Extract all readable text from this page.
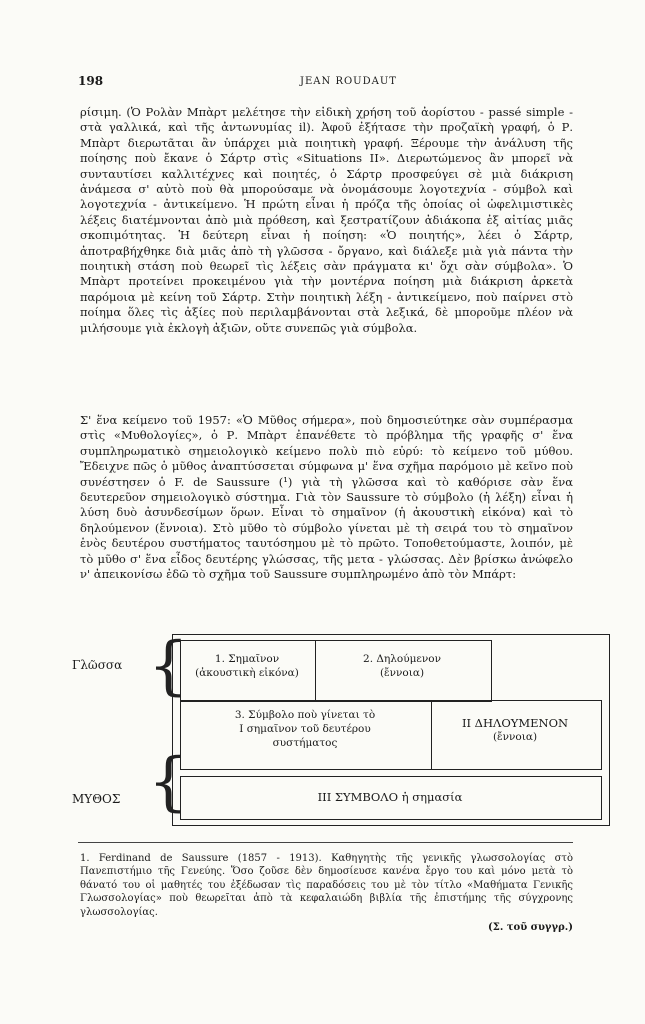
198	JEAN ROUDAUT

ρίσιμη. (Ὁ Ρολὰν Μπὰρτ μελέτησε τὴν εἰδικὴ χρήση τοῦ ἀορίστου - passé simple - στὰ γαλλικά, καὶ τῆς ἀντωνυμίας il). Ἀφοῦ ἐξήτασε τὴν προζαϊκὴ γραφή, ὁ Ρ. Μπὰρτ διερωτᾶται ἂν ὑπάρχει μιὰ ποιητικὴ γραφή. Ξέρουμε τὴν ἀνάλυση τῆς ποίησης ποὺ ἔκανε ὁ Σάρτρ στὶς «Situations II». Διερωτώμενος ἂν μπορεῖ νὰ συνταυτίσει καλλιτέχνες καὶ ποιητές, ὁ Σάρτρ προσφεύγει σὲ μιὰ διάκριση ἀνάμεσα σ' αὐτὸ ποὺ θὰ μπορούσαμε νὰ ὀνομάσουμε λογοτεχνία - σύμβολ καὶ λογοτεχνία - ἀντικείμενο. Ἡ πρώτη εἶναι ἡ πρόζα τῆς ὁποίας οἱ ὠφελιμιστικὲς λέξεις διατέμνονται ἀπὸ μιὰ πρόθεση, καὶ ξεστρατίζουν ἀδιάκοπα ἐξ αἰτίας μιᾶς σκοπιμότητας. Ἡ δεύτερη εἶναι ἡ ποίηση: «Ὁ ποιητής», λέει ὁ Σάρτρ, ἀποτραβήχθηκε διὰ μιᾶς ἀπὸ τὴ γλῶσσα - ὄργανο, καὶ διάλεξε μιὰ γιὰ πάντα τὴν ποιητικὴ στάση ποὺ θεωρεῖ τὶς λέξεις σὰν πράγματα κι' ὄχι σὰν σύμβολα». Ὁ Μπὰρτ προτείνει προκειμένου γιὰ τὴν μοντέρνα ποίηση μιὰ διάκριση ἀρκετὰ παρόμοια μὲ κείνη τοῦ Σάρτρ. Στὴν ποιητικὴ λέξη - ἀντικείμενο, ποὺ παίρνει στὸ ποίημα ὅλες τὶς ἀξίες ποὺ περιλαμβάνονται στὰ λεξικά, δὲ μποροῦμε πλέον νὰ μιλήσουμε γιὰ ἐκλογὴ ἀξιῶν, οὔτε συνεπῶς γιὰ σύμβολα.

Σ' ἕνα κείμενο τοῦ 1957: «Ὁ Μῦθος σήμερα», ποὺ δημοσιεύτηκε σὰν συμπέρασμα στὶς «Μυθολογίες», ὁ Ρ. Μπὰρτ ἐπανέθετε τὸ πρόβλημα τῆς γραφῆς σ' ἕνα συμπληρωματικὸ σημειολογικὸ κείμενο πολὺ πιὸ εὐρύ: τὸ κείμενο τοῦ μύθου. Ἔδειχνε πῶς ὁ μῦθος ἀναπτύσσεται σύμφωνα μ' ἕνα σχῆμα παρόμοιο μὲ κεῖνο ποὺ συνέστησεν ὁ F. de Saussure (¹) γιὰ τὴ γλῶσσα καὶ τὸ καθόρισε σὰν ἕνα δευτερεῦον σημειολογικὸ σύστημα. Γιὰ τὸν Saussure τὸ σύμβολο (ἡ λέξη) εἶναι ἡ λύση δυὸ ἀσυνδεσίμων ὅρων. Εἶναι τὸ σημαῖνον (ἡ ἀκουστικὴ εἰκόνα) καὶ τὸ δηλούμενον (ἔννοια). Στὸ μῦθο τὸ σύμβολο γίνεται μὲ τὴ σειρά του τὸ σημαῖνον ἑνὸς δευτέρου συστήματος ταυτόσημου μὲ τὸ πρῶτο. Τοποθετούμαστε, λοιπόν, μὲ τὸ μῦθο σ' ἕνα εἶδος δευτέρης γλώσσας, τῆς μετα - γλώσσας. Δὲν βρίσκω ἀνώφελο ν' ἀπεικονίσω ἐδῶ τὸ σχῆμα τοῦ Saussure συμπληρωμένο ἀπὸ τὸν Μπάρτ:

Γλῶσσα
ΜΥΘΟΣ
{
{
1. Σημαῖνον
(ἀκουστικὴ εἰκόνα)
2. Δηλούμενον
(ἔννοια)
3. Σύμβολο ποὺ γίνεται τὸ
Ι σημαῖνον τοῦ δευτέρου
συστήματος
ΙΙ ΔΗΛΟΥΜΕΝΟΝ
(ἔννοια)
ΙΙΙ ΣΥΜΒΟΛΟ ἡ σημασία
1. Ferdinand de Saussure (1857 - 1913). Καθηγητὴς τῆς γενικῆς γλωσσολογίας στὸ Πανεπιστήμιο τῆς Γενεύης. Ὅσο ζοῦσε δὲν δημοσίευσε κανένα ἔργο του καὶ μόνο μετὰ τὸ θάνατό του οἱ μαθητές του ἐξέδωσαν τὶς παραδόσεις του μὲ τὸν τίτλο «Μαθήματα Γενικῆς Γλωσσολογίας» ποὺ θεωρεῖται ἀπὸ τὰ κεφαλαιώδη βιβλία τῆς ἐπιστήμης τῆς σύγχρονης γλωσσολογίας.
(Σ. τοῦ συγγρ.)
